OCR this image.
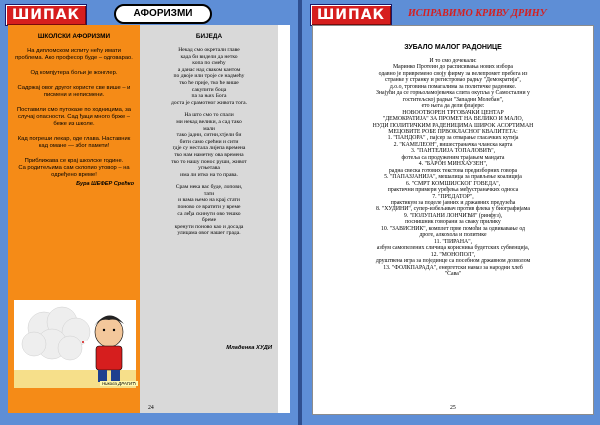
ШИПАК	АФОРИЗМИ
ШКОЛСКИ АФОРИЗМИ

На дипломском испиту нећу имати проблема. Ако професор буде – одговарао.

Од компјутера бољи је жонглер.

Садржај овог другог користе све више – и писмени и неписмени.

Поставили смо путокaзе по ходницима, за случај опасности. Сад ђаци много брже – беже из школе.

Кад погреши лекар, оде глава. Наставник кад омане — због памети!

Приближава се крај школске године.
Са родитељима сам склопио утовор – на одређено време!

Бура ШЕФЕР Срећко
БИЈЕДА

Некад смо окретали главе
када би видели да нетко
копа по смећу
а данас над сваком кантом
по двоје или троје се надмећу
тко ће прије, тко ће више
сакупити боца
па за њих Бога
доста је срамотног живота тога.

На што смо то спали
ми некад велики, а сад тако
мали
тако јадни, ситни,хтјели би
бити само срећни и сити
гдје су нестала лијепа времена
тко нам наметну ова времена
тко то нашу понос руши, живот
угњетава
има ли итко на то права.

Срам нека вас буде, лопови,
тати
и вама њемо на крај стати
поново се вратити у време
са леђа скинути ово тешко
бреме
кренути поново као и досада
улицама овог нашег града.

Младенка ХУДИ
Никола ДРАГИЋ
24
ШИПАК	ИСПРАВИМО КРИВУ ДРИНУ
ЗУБАЛО МАЛОГ РАДОНИЦЕ
И то смо дочекали:
Маринко Протеин до расписивања нових избора
одавно је привремено своју фирму за велепромет пребега из
странке у странку и регистровао радњу "Демократија",
д.о.о, трговина помагалима за политичке раденике.
Знајући да се горњоламојевачка слита окупља у Самостални у
гоститељској радњи "Западни Молебан",
ето њега да дели флајере:
НОВООТВОРЕН ТРГОВАЧКИ ЦЕНТАР
"ДЕМОКРАТИЈА" ЗА ПРОМЕТ НА ВЕЛИКО И МАЛО,
НУДИ ПОЛИТИЧКИМ РАДЕНИЦИМА ШИРОК АСОРТИМАН
МЕЦОВИТЕ РОБЕ ПРВОКЛАСНОГ КВАЛИТЕТА:
1. "ПАНДОРА" , пајсер за отварање гласачких кутија
2. "КАМЕЛЕОН", вишестраначка чланска карта
3. "ПАНТЕЛИЈА ТОПАЛОВИЋ",
фотеља са продуженим трајањем мандата
4. "БАРОН МИНХАУЗЕН",
радна свеска готових текстова предизборних говора
5. "ПАПАЗЈАНИЈА", мешалица за прављење коалиција
6. "СМРТ КОМШИЈСКОГ ГОВЕДА",
практични примери уређења међустраначких односа
7. "ПРЕДАТОР",
практикум за поделе јавних и државних предузећа
8. "ХУДИНИ", супер-избељивач против флека у биографијама
9. "ПОЛУПАНИ ЛОНЧИЋИ" (ринфуз),
поснишник говорани за сваку прилику
10. "ЗАВИСНИК", комплет прве помоћи за одвикавање од
дроге, алкохола и политике
11. "ПИРАНА",
азбум самопелених сличица корисника будетских субвенција,
12. "МОНОПОЛ",
друштвена игра за појединце са посебном државном дозволом
13. "ФОЛКПАРАДА", енергетски намаз за народни хлеб
"Сава"
25
